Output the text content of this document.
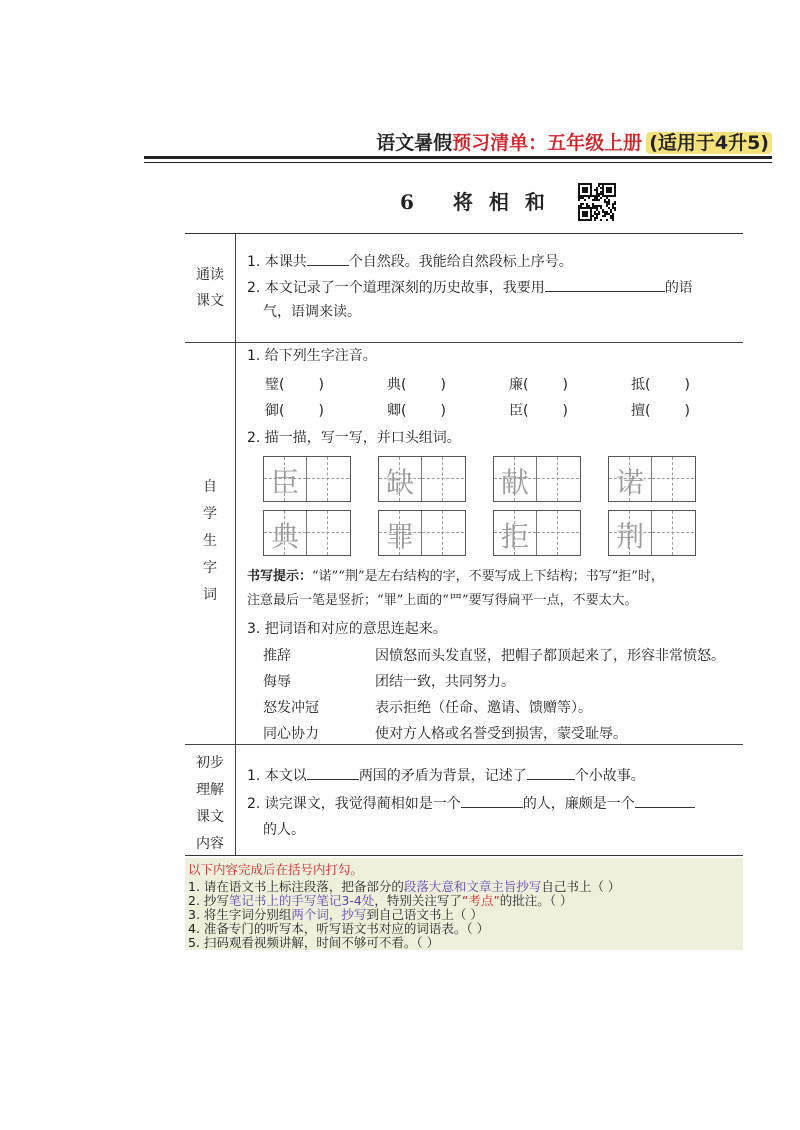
语文暑假预习清单：五年级上册 (适用于4升5)
6 将相和
通读
课文
1. 本课共	个自然段。我能给自然段标上序号。
2. 本文记录了一个道理深刻的历史故事，我要用	的语
气，语调来读。
自
学
生
字
词
1. 给下列生字注音。
璧( )	典( )	廉( )	抵( )
御( )	卿( )	臣( )	擅( )
2. 描一描，写一写，并口头组词。
臣	缺	献	诺
典	罪	拒	荆
书写提示：“诺”“荆”是左右结构的字，不要写成上下结构；书写“拒”时，
注意最后一笔是竖折；“罪”上面的“罒”要写得扁平一点，不要太大。
3. 把词语和对应的意思连起来。
推辞	因愤怒而头发直竖，把帽子都顶起来了，形容非常愤怒。
侮辱	团结一致，共同努力。
怒发冲冠	表示拒绝（任命、邀请、馈赠等）。
同心协力	使对方人格或名誉受到损害，蒙受耻辱。
初步
理解
课文
内容
1. 本文以	两国的矛盾为背景，记述了	个小故事。
2. 读完课文，我觉得蔺相如是一个	的人，廉颇是一个
的人。
以下内容完成后在括号内打勾。
1. 请在语文书上标注段落，把备部分的段落大意和文章主旨抄写自己书上（ ）
2. 抄写笔记书上的手写笔记3-4处，特别关注写了“考点”的批注。（ ）
3. 将生字词分别组两个词，抄写到自己语文书上（ ）
4. 准备专门的听写本，听写语文书对应的词语表。（ ）
5. 扫码观看视频讲解，时间不够可不看。（ ）
